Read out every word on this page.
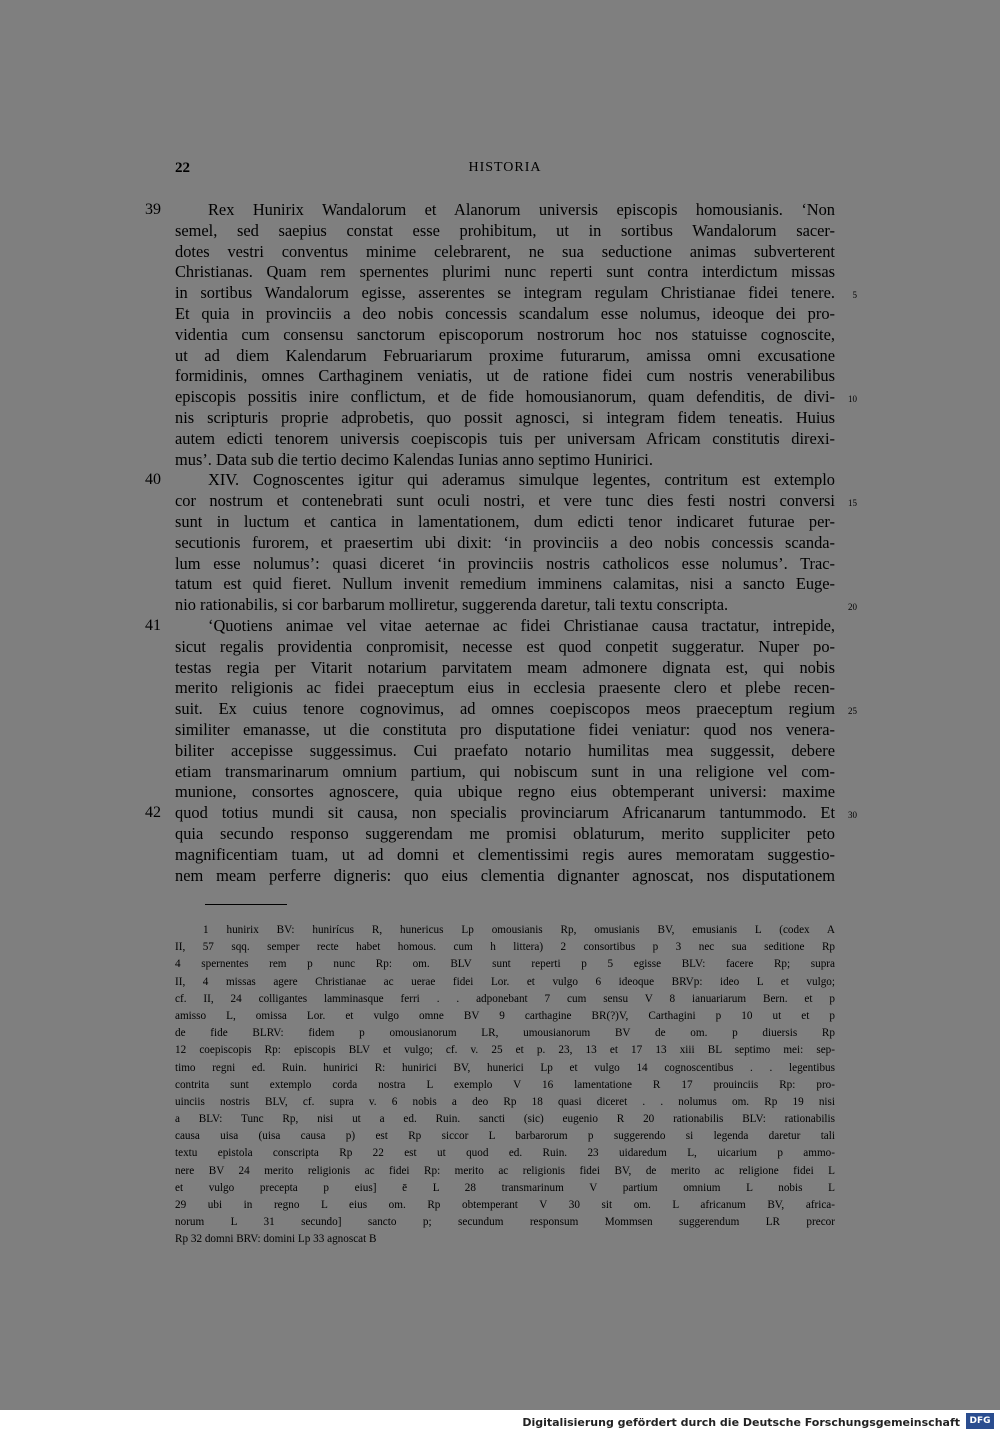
22	HISTORIA
39	Rex Hunirix Wandalorum et Alanorum universis episcopis homousianis. ‘Non
semel, sed saepius constat esse prohibitum, ut in sortibus Wandalorum sacer-
dotes vestri conventus minime celebrarent, ne sua seductione animas subverterent
Christianas. Quam rem spernentes plurimi nunc reperti sunt contra interdictum missas
in sortibus Wandalorum egisse, asserentes se integram regulam Christianae fidei tenere. 5
Et quia in provinciis a deo nobis concessis scandalum esse nolumus, ideoque dei pro-
videntia cum consensu sanctorum episcoporum nostrorum hoc nos statuisse cognoscite,
ut ad diem Kalendarum Februariarum proxime futurarum, amissa omni excusatione
formidinis, omnes Carthaginem veniatis, ut de ratione fidei cum nostris venerabilibus
episcopis possitis inire conflictum, et de fide homousianorum, quam defenditis, de divi- 10
nis scripturis proprie adprobetis, quo possit agnosci, si integram fidem teneatis. Huius
autem edicti tenorem universis coepiscopis tuis per universam Africam constitutis direxi-
mus’. Data sub die tertio decimo Kalendas Iunias anno septimo Hunirici.
40	XIV. Cognoscentes igitur qui aderamus simulque legentes, contritum est extemplo
cor nostrum et contenebrati sunt oculi nostri, et vere tunc dies festi nostri conversi 15
sunt in luctum et cantica in lamentationem, dum edicti tenor indicaret futurae per-
secutionis furorem, et praesertim ubi dixit: ‘in provinciis a deo nobis concessis scanda-
lum esse nolumus’: quasi diceret ‘in provinciis nostris catholicos esse nolumus’. Trac-
tatum est quid fieret. Nullum invenit remedium imminens calamitas, nisi a sancto Euge-
nio rationabilis, si cor barbarum molliretur, suggerenda daretur, tali textu conscripta.	20
41	‘Quotiens animae vel vitae aeternae ac fidei Christianae causa tractatur, intrepide,
sicut regalis providentia conpromisit, necesse est quod conpetit suggeratur. Nuper po-
testas regia per Vitarit notarium parvitatem meam admonere dignata est, qui nobis
merito religionis ac fidei praeceptum eius in ecclesia praesente clero et plebe recen-
suit. Ex cuius tenore cognovimus, ad omnes coepiscopos meos praeceptum regium 25
similiter emanasse, ut die constituta pro disputatione fidei veniatur: quod nos venera-
biliter accepisse suggessimus. Cui praefato notario humilitas mea suggessit, debere
etiam transmarinarum omnium partium, qui nobiscum sunt in una religione vel com-
munione, consortes agnoscere, quia ubique regno eius obtemperant universi: maxime
42 quod totius mundi sit causa, non specialis provinciarum Africanarum tantummodo. Et 30
quia secundo responso suggerendam me promisi oblaturum, merito suppliciter peto
magnificentiam tuam, ut ad domni et clementissimi regis aures memoratam suggestio-
nem meam perferre digneris: quo eius clementia dignanter agnoscat, nos disputationem
1 hunirix BV: hunirícus R, hunericus Lp omousianis Rp, omusianis BV, emusianis L (codex A
II, 57 sqq. semper recte habet homous. cum h littera) 2 consortibus p 3 nec sua seditione Rp
4 spernentes rem p nunc Rp: om. BLV sunt reperti p 5 egisse BLV: facere Rp; supra
II, 4 missas agere Christianae ac uerae fidei Lor. et vulgo 6 ideoque BRVp: ideo L et vulgo;
cf. II, 24 colligantes lamminasque ferri . . adponebant 7 cum sensu V 8 ianuariarum Bern. et p
amisso L, omissa Lor. et vulgo omne BV 9 carthagine BR(?)V, Carthagini p 10 ut et p
de fide BLRV: fidem p omousianorum LR, umousianorum BV de om. p diuersis Rp
12 coepiscopis Rp: episcopis BLV et vulgo; cf. v. 25 et p. 23, 13 et 17 13 xiii BL septimo mei: sep-
timo regni ed. Ruin. hunirici R: hunirici BV, hunerici Lp et vulgo 14 cognoscentibus . . legentibus
contrita sunt extemplo corda nostra L exemplo V 16 lamentatione R 17 prouinciis Rp: pro-
uinciis nostris BLV, cf. supra v. 6 nobis a deo Rp 18 quasi diceret . . nolumus om. Rp 19 nisi
a BLV: Tunc Rp, nisi ut a ed. Ruin. sancti (sic) eugenio R 20 rationabilis BLV: rationabilis
causa uisa (uisa causa p) est Rp siccor L barbarorum p suggerendo si legenda daretur tali
textu epistola conscripta Rp 22 est ut quod ed. Ruin. 23 uidaredum L, uicarium p ammo-
nere BV 24 merito religionis ac fidei Rp: merito ac religionis fidei BV, de merito ac religione fidei L
et vulgo precepta p eius] ē L 28 transmarinum V partium omnium L nobis L
29 ubi in regno L eius om. Rp obtemperant V 30 sit om. L africanum BV, africa-
norum L 31 secundo] sancto p; secundum responsum Mommsen suggerendum LR precor
Rp 32 domni BRV: domini Lp 33 agnoscat B
Digitalisierung gefördert durch die Deutsche Forschungsgemeinschaft	DFG
